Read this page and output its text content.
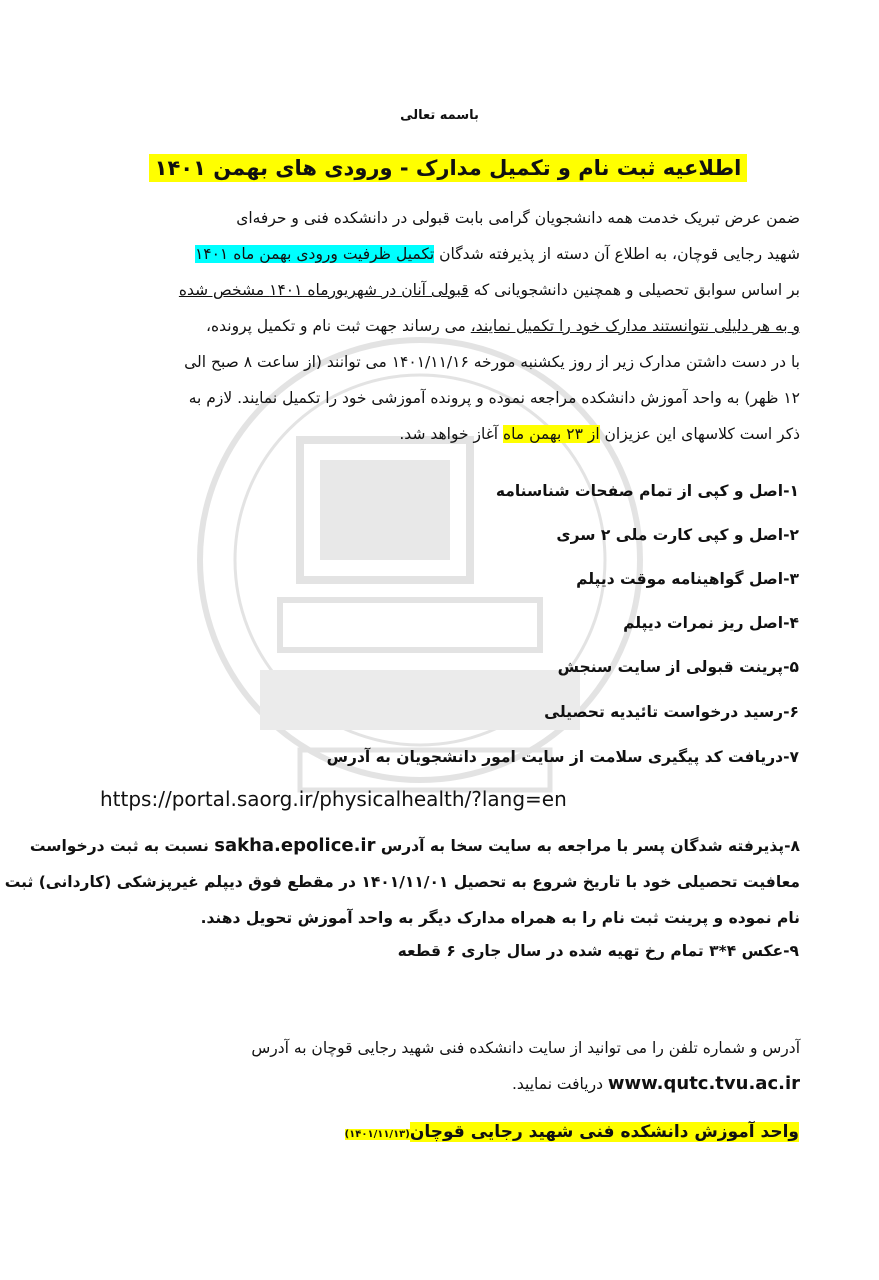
باسمه تعالی
اطلاعیه ثبت نام و تکمیل مدارک - ورودی های بهمن ۱۴۰۱
ضمن عرض تبریک خدمت همه دانشجویان گرامی بابت قبولی در دانشکده فنی و حرفه‌ای
شهید رجایی قوچان، به اطلاع آن دسته از پذیرفته شدگان تکمیل ظرفیت ورودی بهمن ماه ۱۴۰۱
بر اساس سوابق تحصیلی و همچنین دانشجویانی که قبولی آنان در شهریورماه ۱۴۰۱ مشخص شده
و به هر دلیلی نتوانستند مدارک خود را تکمیل نمایند، می رساند جهت ثبت نام و تکمیل پرونده،
با در دست داشتن مدارک زیر از روز یکشنبه مورخه ۱۴۰۱/۱۱/۱۶ می توانند (از ساعت ۸ صبح الی
۱۲ ظهر) به واحد آموزش دانشکده مراجعه نموده و پرونده آموزشی خود را تکمیل نمایند. لازم به
ذکر است کلاسهای این عزیزان از ۲۳ بهمن ماه آغاز خواهد شد.
۱-اصل و کپی از تمام صفحات شناسنامه
۲-اصل و کپی کارت ملی ۲ سری
۳-اصل گواهینامه موقت دیپلم
۴-اصل ریز نمرات دیپلم
۵-پرینت قبولی از سایت سنجش
۶-رسید درخواست تائیدیه تحصیلی
۷-دریافت کد پیگیری سلامت از سایت امور دانشجویان به آدرس
https://portal.saorg.ir/physicalhealth/?lang=en
۸-پذیرفته شدگان پسر با مراجعه به سایت سخا به آدرس sakha.epolice.ir نسبت به ثبت درخواست
معافیت تحصیلی خود با تاریخ شروع به تحصیل ۱۴۰۱/۱۱/۰۱ در مقطع فوق دیپلم غیرپزشکی (کاردانی) ثبت
نام نموده و پرینت ثبت نام را به همراه مدارک دیگر به واحد آموزش تحویل دهند.
۹-عکس ۴*۳ تمام رخ تهیه شده در سال جاری ۶ قطعه
آدرس و شماره تلفن را می توانید از سایت دانشکده فنی شهید رجایی قوچان به آدرس
www.qutc.tvu.ac.ir دریافت نمایید.
واحد آموزش دانشکده فنی شهید رجایی قوچان(۱۴۰۱/۱۱/۱۳)
